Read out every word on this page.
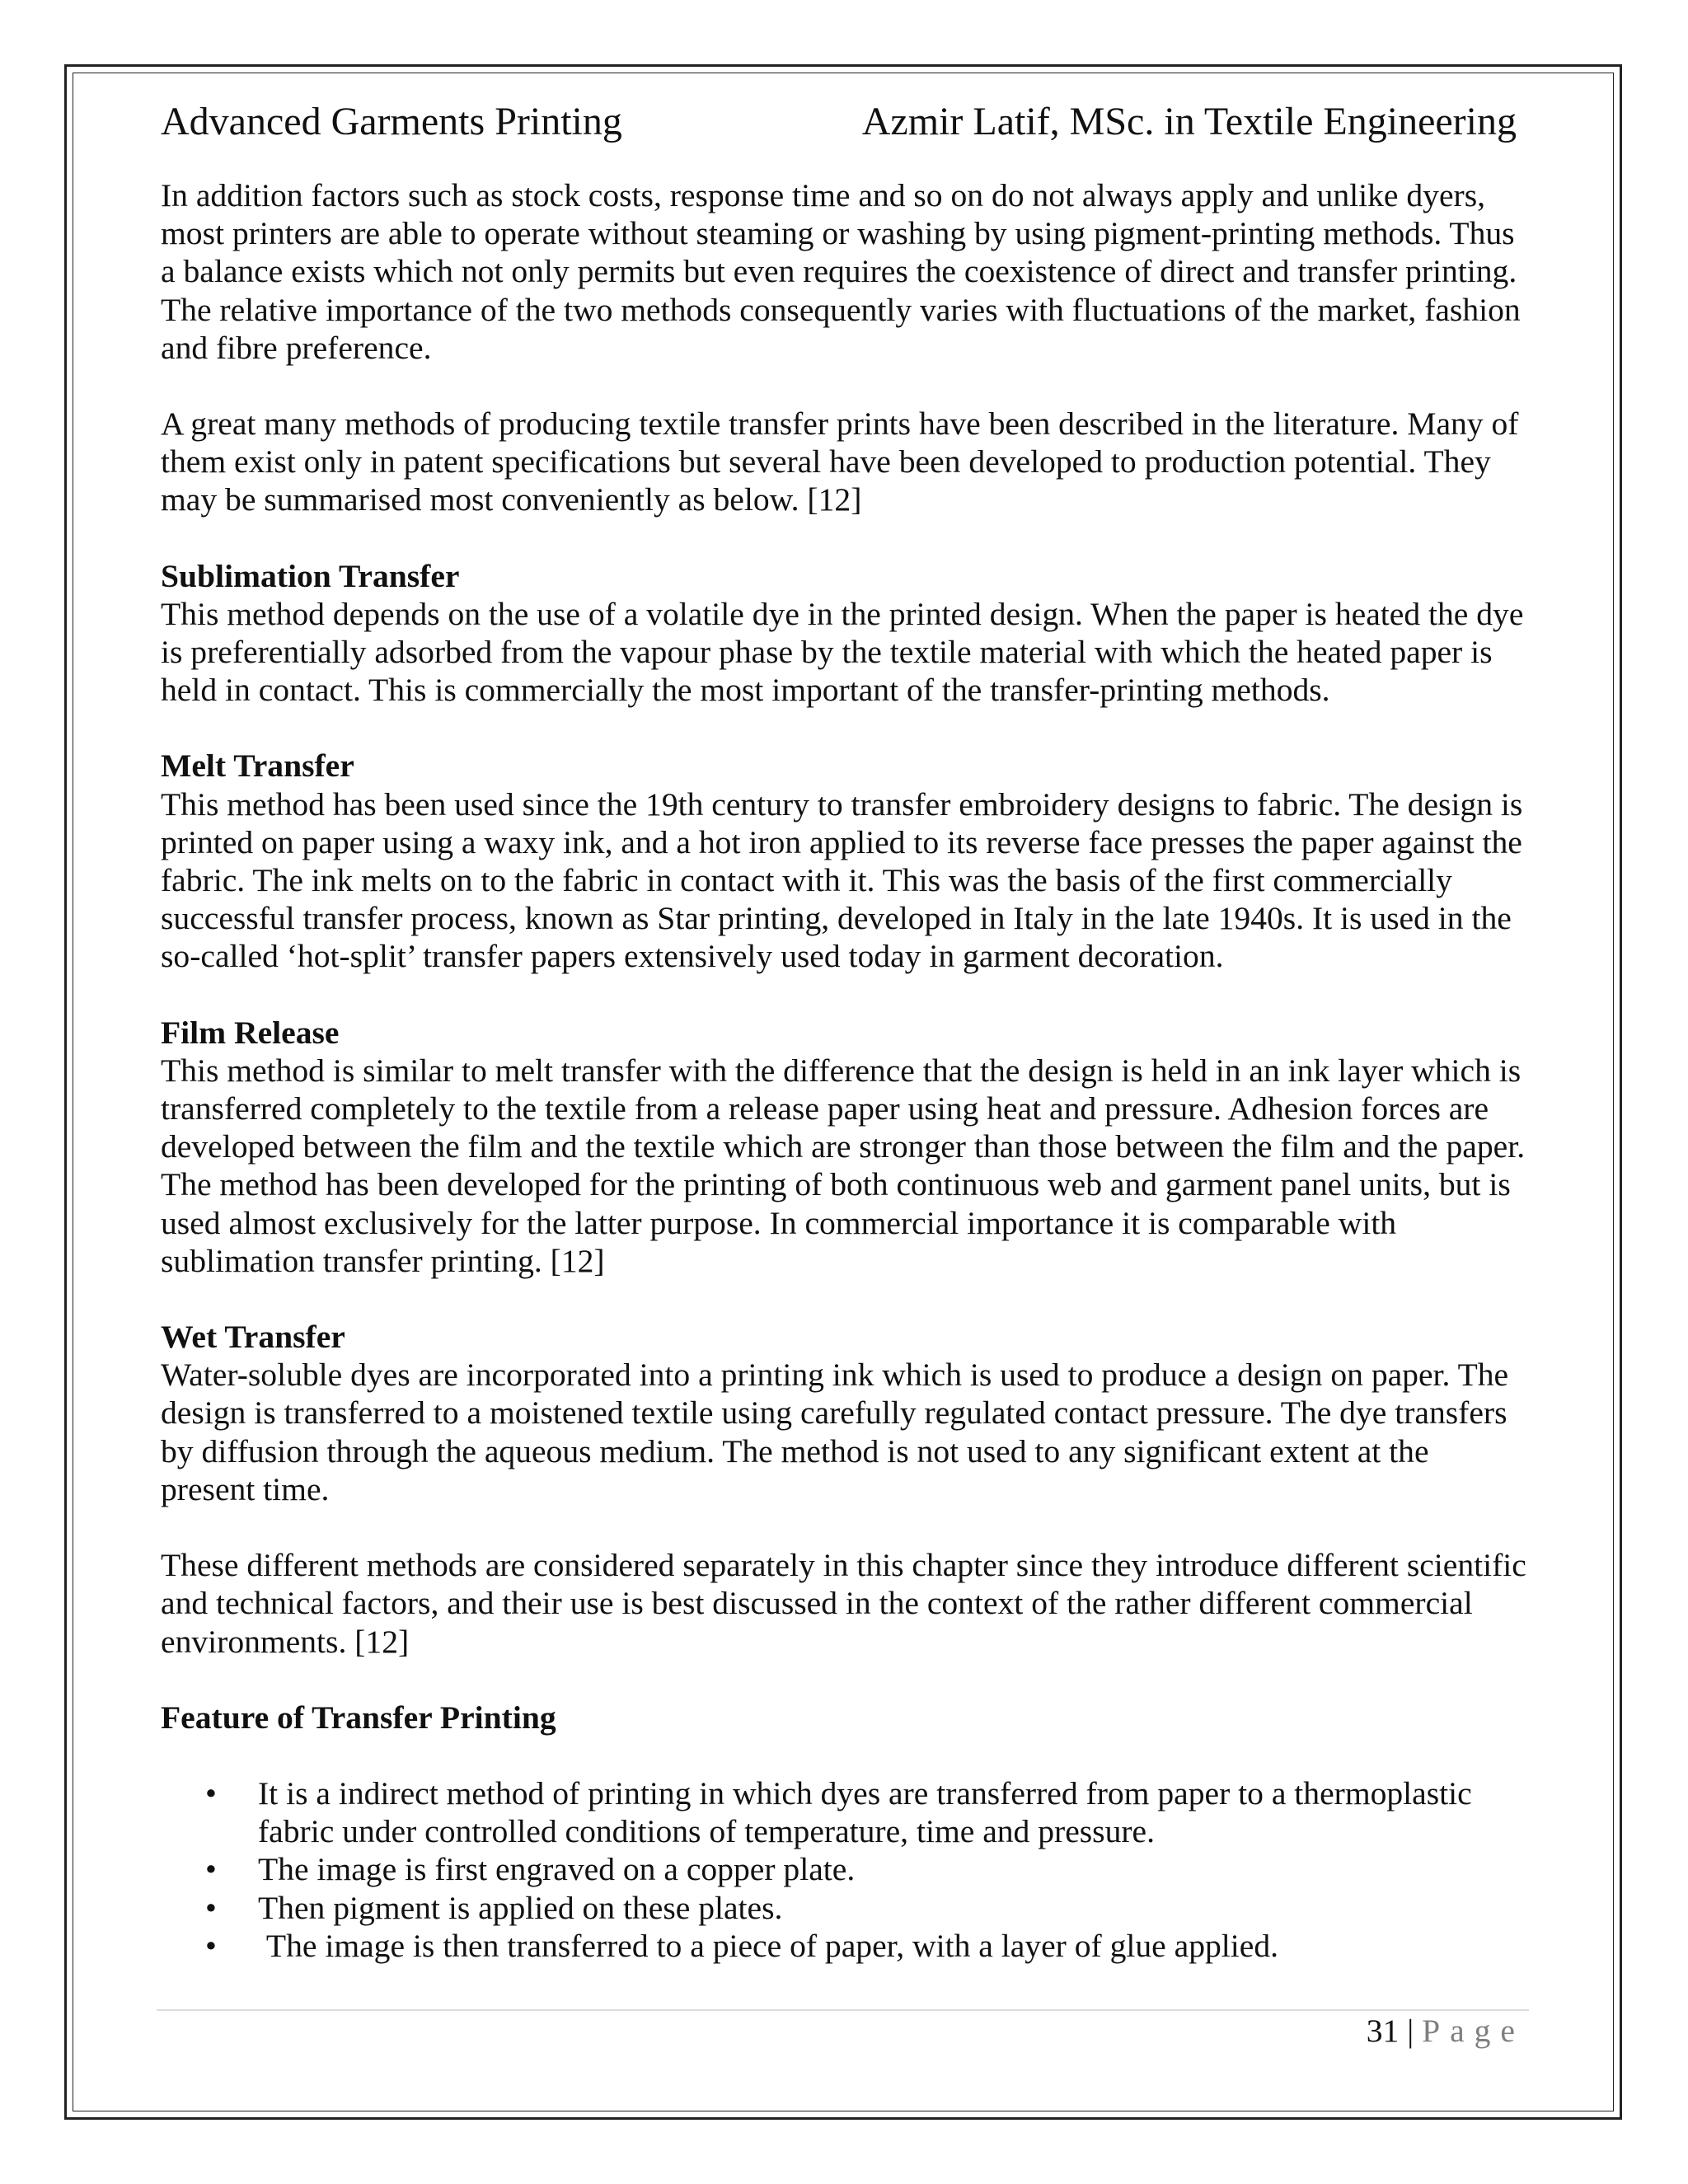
Advanced Garments Printing	Azmir Latif, MSc. in Textile Engineering

In addition factors such as stock costs, response time and so on do not always apply and unlike dyers, most printers are able to operate without steaming or washing by using pigment-printing methods. Thus a balance exists which not only permits but even requires the coexistence of direct and transfer printing. The relative importance of the two methods consequently varies with fluctuations of the market, fashion and fibre preference.

A great many methods of producing textile transfer prints have been described in the literature. Many of them exist only in patent specifications but several have been developed to production potential. They may be summarised most conveniently as below. [12]

Sublimation Transfer
This method depends on the use of a volatile dye in the printed design. When the paper is heated the dye is preferentially adsorbed from the vapour phase by the textile material with which the heated paper is held in contact. This is commercially the most important of the transfer-printing methods.

Melt Transfer
This method has been used since the 19th century to transfer embroidery designs to fabric. The design is printed on paper using a waxy ink, and a hot iron applied to its reverse face presses the paper against the fabric. The ink melts on to the fabric in contact with it. This was the basis of the first commercially successful transfer process, known as Star printing, developed in Italy in the late 1940s. It is used in the so-called ‘hot-split’ transfer papers extensively used today in garment decoration.

Film Release
This method is similar to melt transfer with the difference that the design is held in an ink layer which is transferred completely to the textile from a release paper using heat and pressure. Adhesion forces are developed between the film and the textile which are stronger than those between the film and the paper. The method has been developed for the printing of both continuous web and garment panel units, but is used almost exclusively for the latter purpose. In commercial importance it is comparable with sublimation transfer printing. [12]

Wet Transfer
Water-soluble dyes are incorporated into a printing ink which is used to produce a design on paper. The design is transferred to a moistened textile using carefully regulated contact pressure. The dye transfers by diffusion through the aqueous medium. The method is not used to any significant extent at the present time.

These different methods are considered separately in this chapter since they introduce different scientific and technical factors, and their use is best discussed in the context of the rather different commercial environments. [12]

Feature of Transfer Printing
• It is a indirect method of printing in which dyes are transferred from paper to a thermoplastic fabric under controlled conditions of temperature, time and pressure.
• The image is first engraved on a copper plate.
• Then pigment is applied on these plates.
• The image is then transferred to a piece of paper, with a layer of glue applied.
31 | Page
